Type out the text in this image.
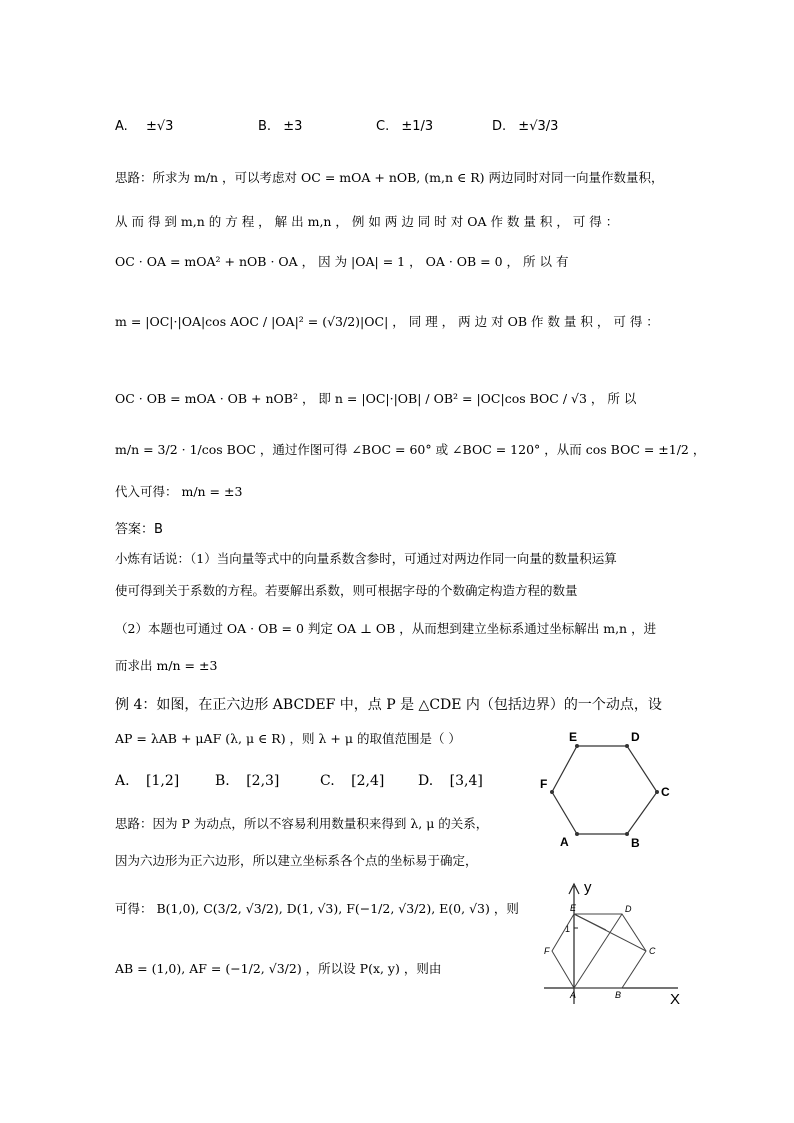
A. ±√3	B. ±3	C. ±1/3	D. ±√3/3
思路：所求为 m/n ，可以考虑对 OC = mOA + nOB, (m,n ∈ R) 两边同时对同一向量作数量积，
从 而 得 到 m,n 的 方 程 ， 解 出 m,n ， 例 如 两 边 同 时 对 OA 作 数 量 积 ， 可 得 ：
OC · OA = mOA² + nOB · OA ， 因 为 |OA| = 1 ， OA · OB = 0 ， 所 以 有
m = |OC|·|OA|cos AOC / |OA|² = (√3/2)|OC| ， 同 理 ， 两 边 对 OB 作 数 量 积 ， 可 得 ：
OC · OB = mOA · OB + nOB² ， 即 n = |OC|·|OB| / OB² = |OC|cos BOC / √3 ， 所 以
m/n = 3/2 · 1/cos BOC ，通过作图可得 ∠BOC = 60° 或 ∠BOC = 120° ，从而 cos BOC = ±1/2 ，
代入可得： m/n = ±3
答案：B
小炼有话说：（1）当向量等式中的向量系数含参时，可通过对两边作同一向量的数量积运算
使可得到关于系数的方程。若要解出系数，则可根据字母的个数确定构造方程的数量
（2）本题也可通过 OA · OB = 0 判定 OA ⊥ OB ，从而想到建立坐标系通过坐标解出 m,n ，进
而求出 m/n = ±3
例 4：如图，在正六边形 ABCDEF 中，点 P 是 △CDE 内（包括边界）的一个动点，设
AP = λAB + μAF (λ, μ ∈ R) ，则 λ + μ 的取值范围是（ ）
A. [1,2]	B. [2,3]	C. [2,4] D. [3,4]
思路：因为 P 为动点，所以不容易利用数量积来得到 λ, μ 的关系，
因为六边形为正六边形，所以建立坐标系各个点的坐标易于确定，
可得： B(1,0), C(3/2, √3/2), D(1, √3), F(−1/2, √3/2), E(0, √3) ，则
AB = (1,0), AF = (−1/2, √3/2) ，所以设 P(x, y) ，则由
E	D
C
B
A
F
y
X
1
E	D
C
F
A	B
